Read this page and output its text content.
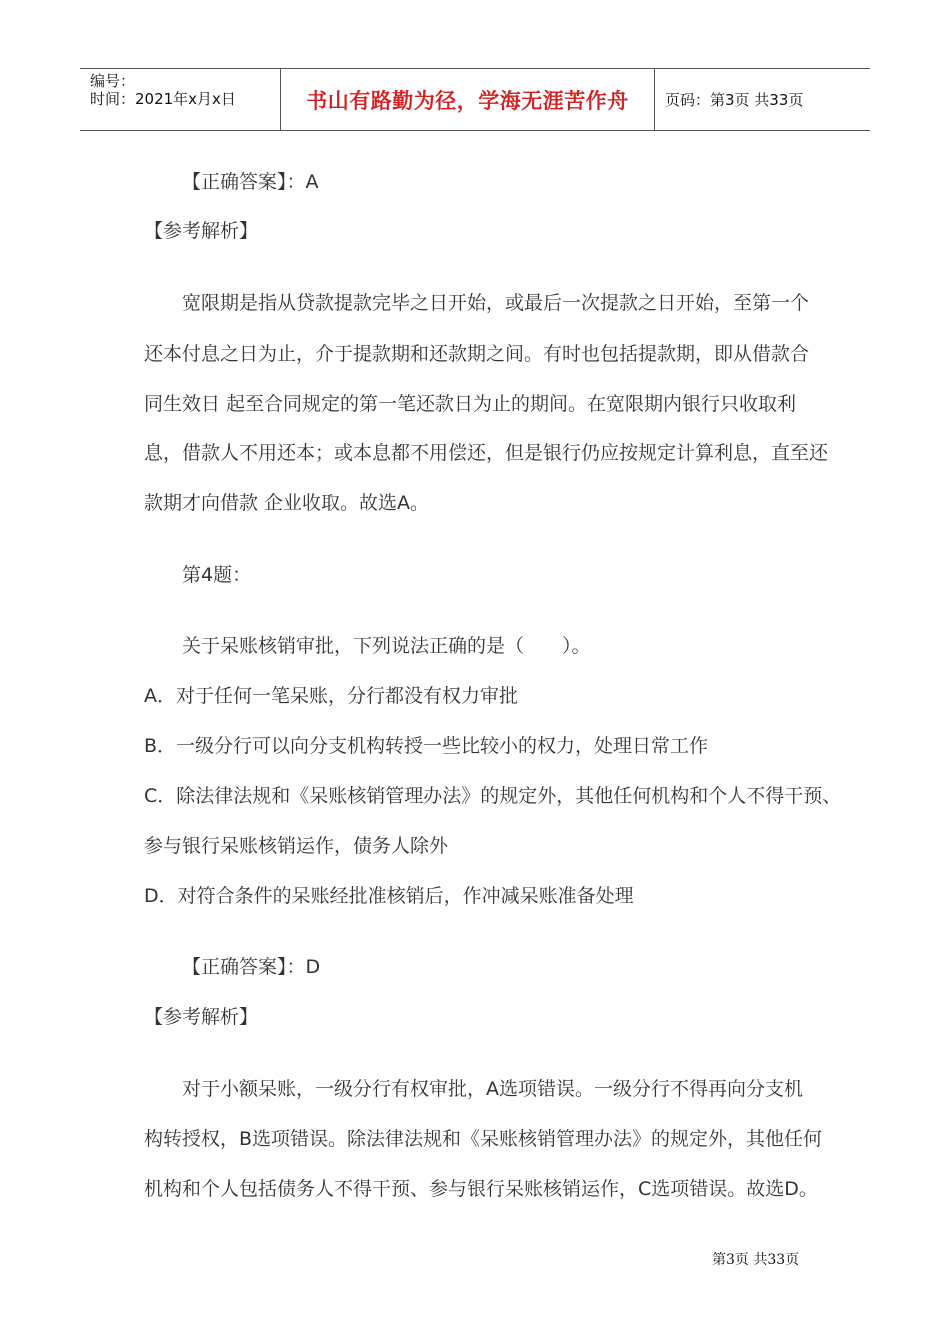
编号：
时间：2021年x月x日	书山有路勤为径，学海无涯苦作舟 页码：第3页 共33页
【正确答案】：A
【参考解析】
宽限期是指从贷款提款完毕之日开始，或最后一次提款之日开始，至第一个
还本付息之日为止，介于提款期和还款期之间。有时也包括提款期，即从借款合
同生效日 起至合同规定的第一笔还款日为止的期间。在宽限期内银行只收取利
息，借款人不用还本；或本息都不用偿还，但是银行仍应按规定计算利息，直至还
款期才向借款 企业收取。故选A。
第4题：
关于呆账核销审批，下列说法正确的是（　　）。
A．对于任何一笔呆账，分行都没有权力审批
B．一级分行可以向分支机构转授一些比较小的权力，处理日常工作
C．除法律法规和《呆账核销管理办法》的规定外，其他任何机构和个人不得干预、
参与银行呆账核销运作，债务人除外
D．对符合条件的呆账经批准核销后，作冲减呆账准备处理
【正确答案】：D
【参考解析】
对于小额呆账，一级分行有权审批，A选项错误。一级分行不得再向分支机
构转授权，B选项错误。除法律法规和《呆账核销管理办法》的规定外，其他任何
机构和个人包括债务人不得干预、参与银行呆账核销运作，C选项错误。故选D。
第3页 共33页
